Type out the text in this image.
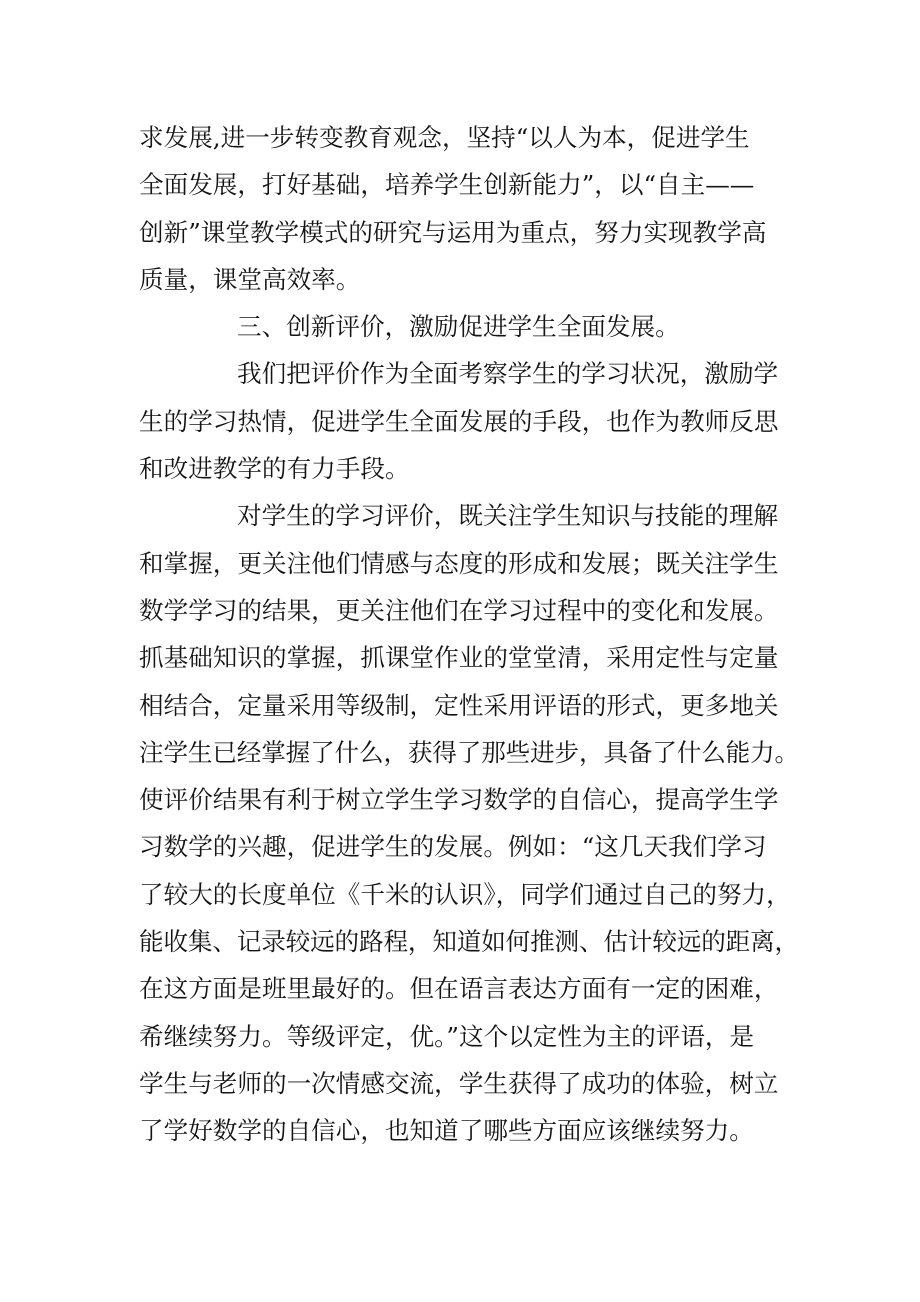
求发展,进一步转变教育观念，坚持“以人为本，促进学生
全面发展，打好基础，培养学生创新能力”，以“自主——
创新”课堂教学模式的研究与运用为重点，努力实现教学高
质量，课堂高效率。
三、创新评价，激励促进学生全面发展。
我们把评价作为全面考察学生的学习状况，激励学
生的学习热情，促进学生全面发展的手段，也作为教师反思
和改进教学的有力手段。
对学生的学习评价，既关注学生知识与技能的理解
和掌握，更关注他们情感与态度的形成和发展；既关注学生
数学学习的结果，更关注他们在学习过程中的变化和发展。
抓基础知识的掌握，抓课堂作业的堂堂清，采用定性与定量
相结合，定量采用等级制，定性采用评语的形式，更多地关
注学生已经掌握了什么，获得了那些进步，具备了什么能力。
使评价结果有利于树立学生学习数学的自信心，提高学生学
习数学的兴趣，促进学生的发展。例如：“这几天我们学习
了较大的长度单位《千米的认识》，同学们通过自己的努力，
能收集、记录较远的路程，知道如何推测、估计较远的距离，
在这方面是班里最好的。但在语言表达方面有一定的困难，
希继续努力。等级评定，优。”这个以定性为主的评语，是
学生与老师的一次情感交流，学生获得了成功的体验，树立
了学好数学的自信心，也知道了哪些方面应该继续努力。
